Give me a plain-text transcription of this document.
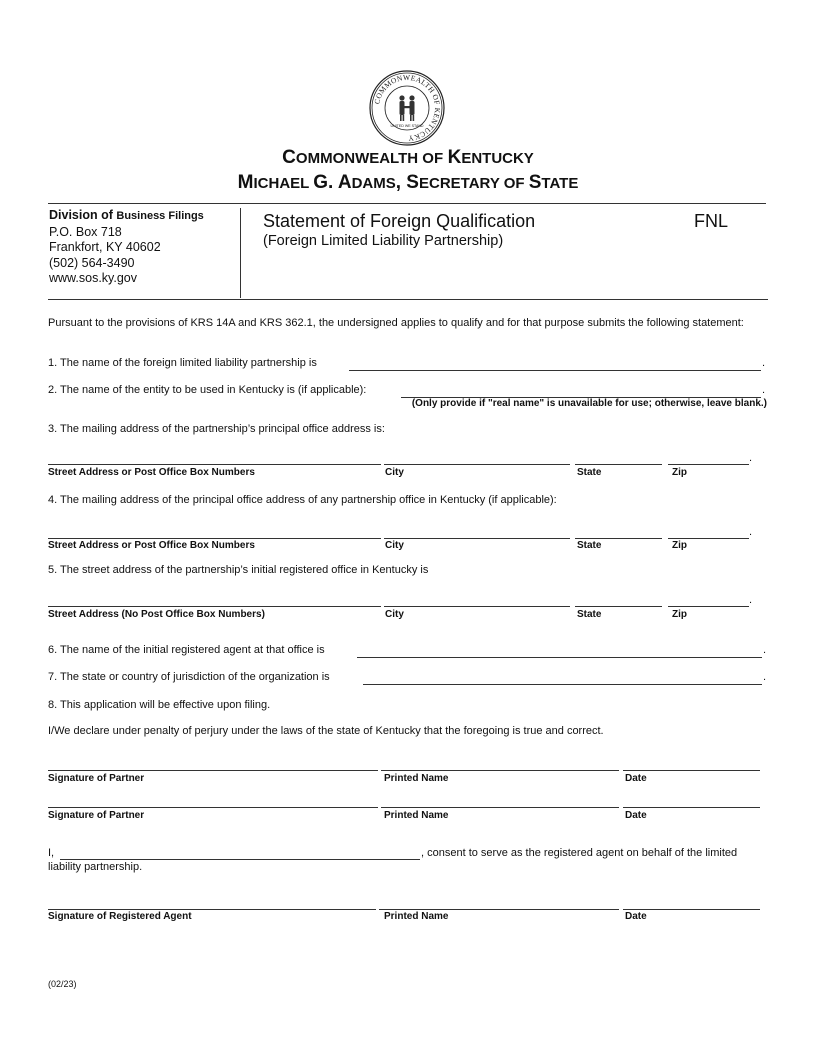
COMMONWEALTH OF KENTUCKY
UNITED WE STAND
COMMONWEALTH OF KENTUCKY
MICHAEL G. ADAMS, SECRETARY OF STATE
Division of Business Filings
P.O. Box 718
Frankfort, KY 40602
(502) 564-3490
www.sos.ky.gov
Statement of Foreign Qualification	FNL
(Foreign Limited Liability Partnership)
Pursuant to the provisions of KRS 14A and KRS 362.1, the undersigned applies to qualify and for that purpose submits the following statement:
1. The name of the foreign limited liability partnership is	.
2. The name of the entity to be used in Kentucky is (if applicable):	.
(Only provide if "real name" is unavailable for use; otherwise, leave blank.)
3. The mailing address of the partnership’s principal office address is:
.
Street Address or Post Office Box Numbers	City	State	Zip
4. The mailing address of the principal office address of any partnership office in Kentucky (if applicable):
.
Street Address or Post Office Box Numbers	City	State	Zip
5. The street address of the partnership’s initial registered office in Kentucky is
.
Street Address (No Post Office Box Numbers)	City	State	Zip
6. The name of the initial registered agent at that office is	.
7. The state or country of jurisdiction of the organization is	.
8. This application will be effective upon filing.
I/We declare under penalty of perjury under the laws of the state of Kentucky that the foregoing is true and correct.
Signature of Partner	Printed Name	Date
Signature of Partner	Printed Name	Date
I,	, consent to serve as the registered agent on behalf of the limited
liability partnership.
Signature of Registered Agent	Printed Name	Date
(02/23)
